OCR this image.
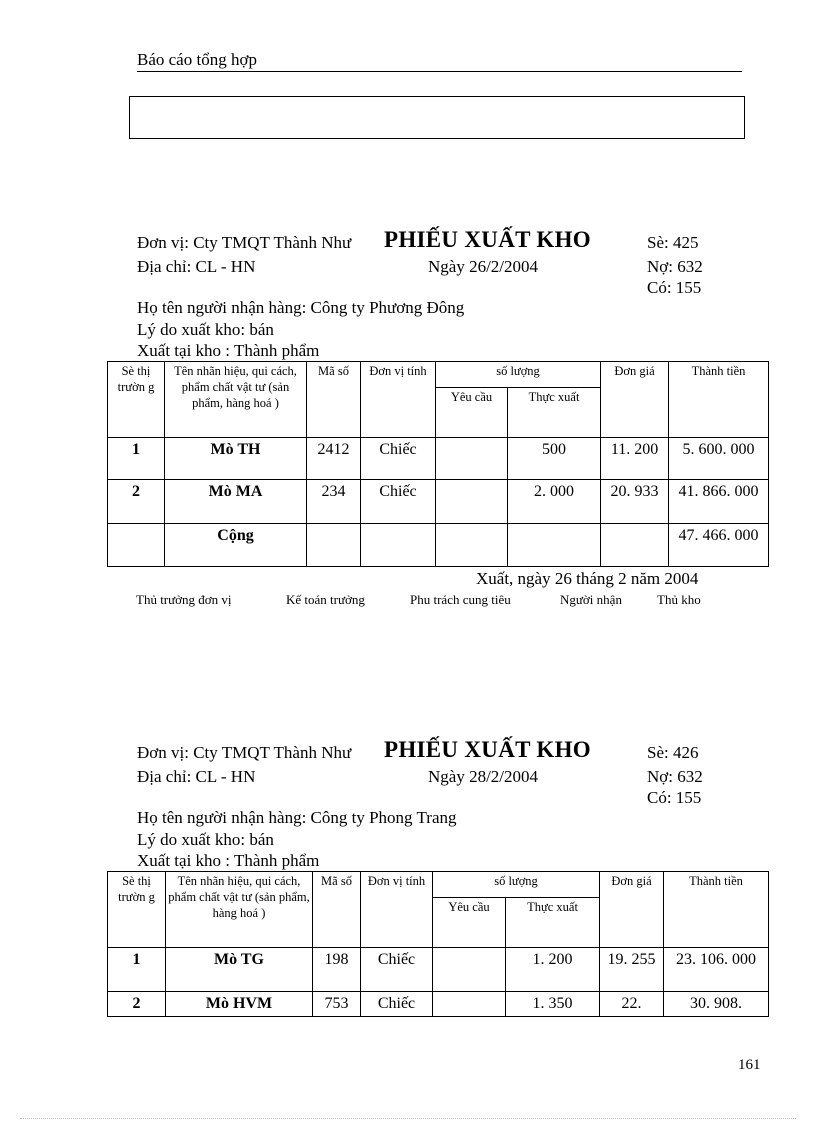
Báo cáo tổng hợp
Đơn vị: Cty TMQT Thành Như PHIẾU XUẤT KHO	Sè: 425
Địa chỉ: CL - HN	Ngày 26/2/2004	Nợ: 632
Có: 155
Họ tên người nhận hàng: Công ty Phương Đông
Lý do xuất kho: bán
Xuất tại kho : Thành phẩm
Sè thị trườn g	Tên nhãn hiệu, qui cách, phẩm chất vật tư (sản phẩm, hàng hoá )	Mã số	Đơn vị tính	số lượng		Đơn giá	Thành tiền
				Yêu cầu	Thực xuất		
1	Mò TH	2412	Chiếc		500	11. 200	5. 600. 000
2	Mò MA	234	Chiếc		2. 000	20. 933	41. 866. 000
	Cộng						47. 466. 000
Xuất, ngày 26 tháng 2 năm 2004
Thủ trưởng đơn vị	Kế toán trưởng	Phu trách cung tiêu	Người nhận	Thủ kho
Đơn vị: Cty TMQT Thành Như PHIẾU XUẤT KHO	Sè: 426
Địa chỉ: CL - HN	Ngày 28/2/2004	Nợ: 632
Có: 155
Họ tên người nhận hàng: Công ty Phong Trang
Lý do xuất kho: bán
Xuất tại kho : Thành phẩm
Sè thị trườn g	Tên nhãn hiệu, qui cách, phẩm chất vật tư (sản phẩm, hàng hoá )	Mã số	Đơn vị tính	số lượng		Đơn giá	Thành tiền
				Yêu cầu	Thực xuất		
1	Mò TG	198	Chiếc		1. 200	19. 255	23. 106. 000
2	Mò HVM	753	Chiếc		1. 350	22.	30. 908.
161
